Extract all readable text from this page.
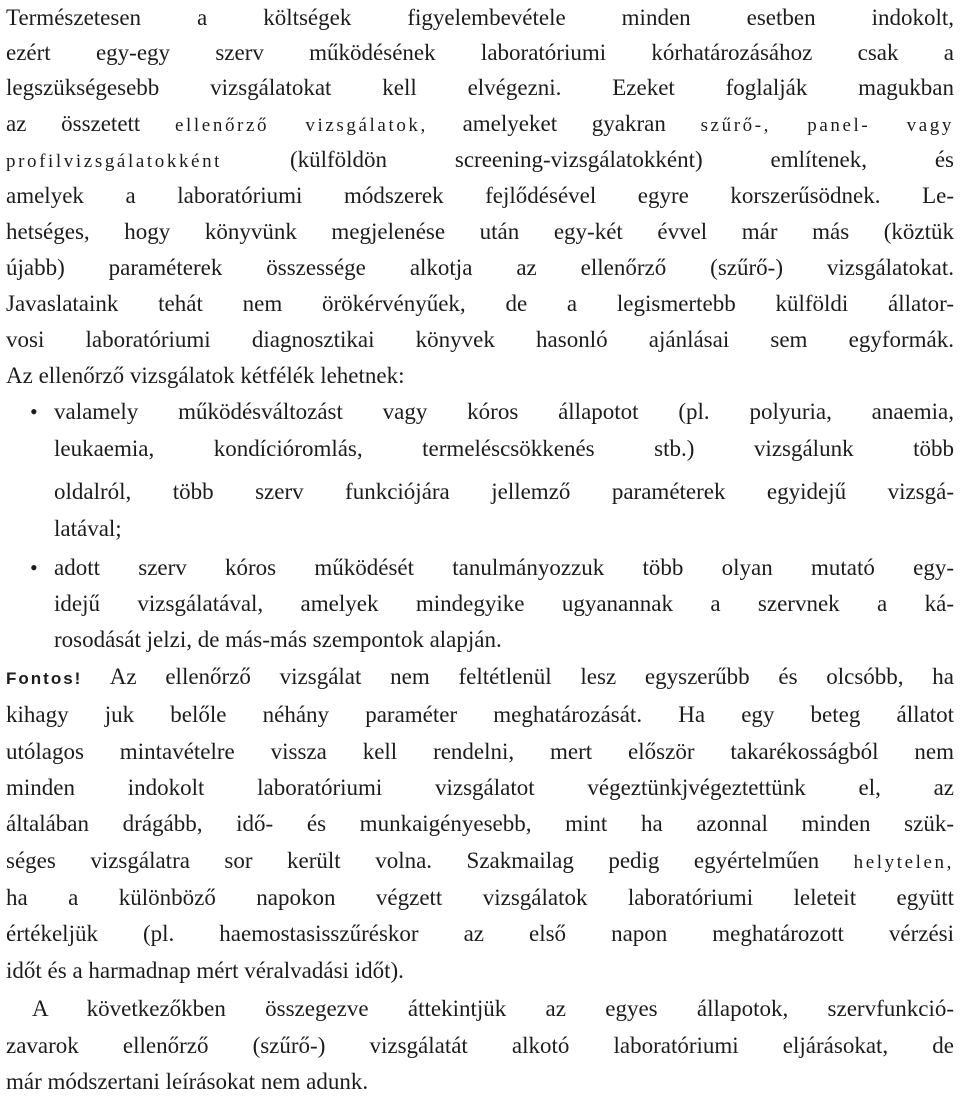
Természetesen a költségek figyelembevétele minden esetben indokolt,
ezért egy-egy szerv működésének laboratóriumi kórhatározásához csak a
legszükségesebb vizsgálatokat kell elvégezni. Ezeket foglalják magukban
az összetett ellenőrző vizsgálatok, amelyeket gyakran szűrő-, panel- vagy
profilvizsgálatokként	(külföldön screening-vizsgálatokként) említenek, és
amelyek a laboratóriumi módszerek fejlődésével egyre korszerűsödnek. Le-
hetséges, hogy könyvünk megjelenése után egy-két évvel már más (köztük
újabb) paraméterek összessége alkotja az ellenőrző (szűrő-) vizsgálatokat.
Javaslataink tehát nem örökérvényűek, de a legismertebb külföldi állator-
vosi laboratóriumi diagnosztikai könyvek hasonló ajánlásai sem egyformák.
Az ellenőrző vizsgálatok kétfélék lehetnek:
• valamely működésváltozást vagy kóros állapotot (pl. polyuria, anaemia,
leukaemia, kondícióromlás, termeléscsökkenés stb.) vizsgálunk több
oldalról, több szerv funkciójára jellemző paraméterek egyidejű vizsgá-
latával;
• adott szerv kóros működését tanulmányozzuk több olyan mutató egy-
idejű vizsgálatával, amelyek mindegyike ugyanannak a szervnek a ká-
rosodását jelzi, de más-más szempontok alapján.
Fontos! Az ellenőrző vizsgálat nem feltétlenül lesz egyszerűbb és olcsóbb, ha
kihagy juk belőle néhány paraméter meghatározását. Ha egy beteg állatot
utólagos mintavételre vissza kell rendelni, mert először takarékosságból nem
minden indokolt laboratóriumi vizsgálatot végeztünkjvégeztettünk el, az
általában drágább, idő- és munkaigényesebb, mint ha azonnal minden szük-
séges vizsgálatra sor került volna. Szakmailag pedig egyértelműen helytelen,
ha a különböző napokon végzett vizsgálatok laboratóriumi leleteit együtt
értékeljük (pl. haemostasisszűréskor az első napon meghatározott vérzési
időt és a harmadnap mért véralvadási időt).
A következőkben összegezve áttekintjük az egyes állapotok, szervfunkció-
zavarok ellenőrző (szűrő-) vizsgálatát alkotó laboratóriumi eljárásokat, de
már módszertani leírásokat nem adunk.
